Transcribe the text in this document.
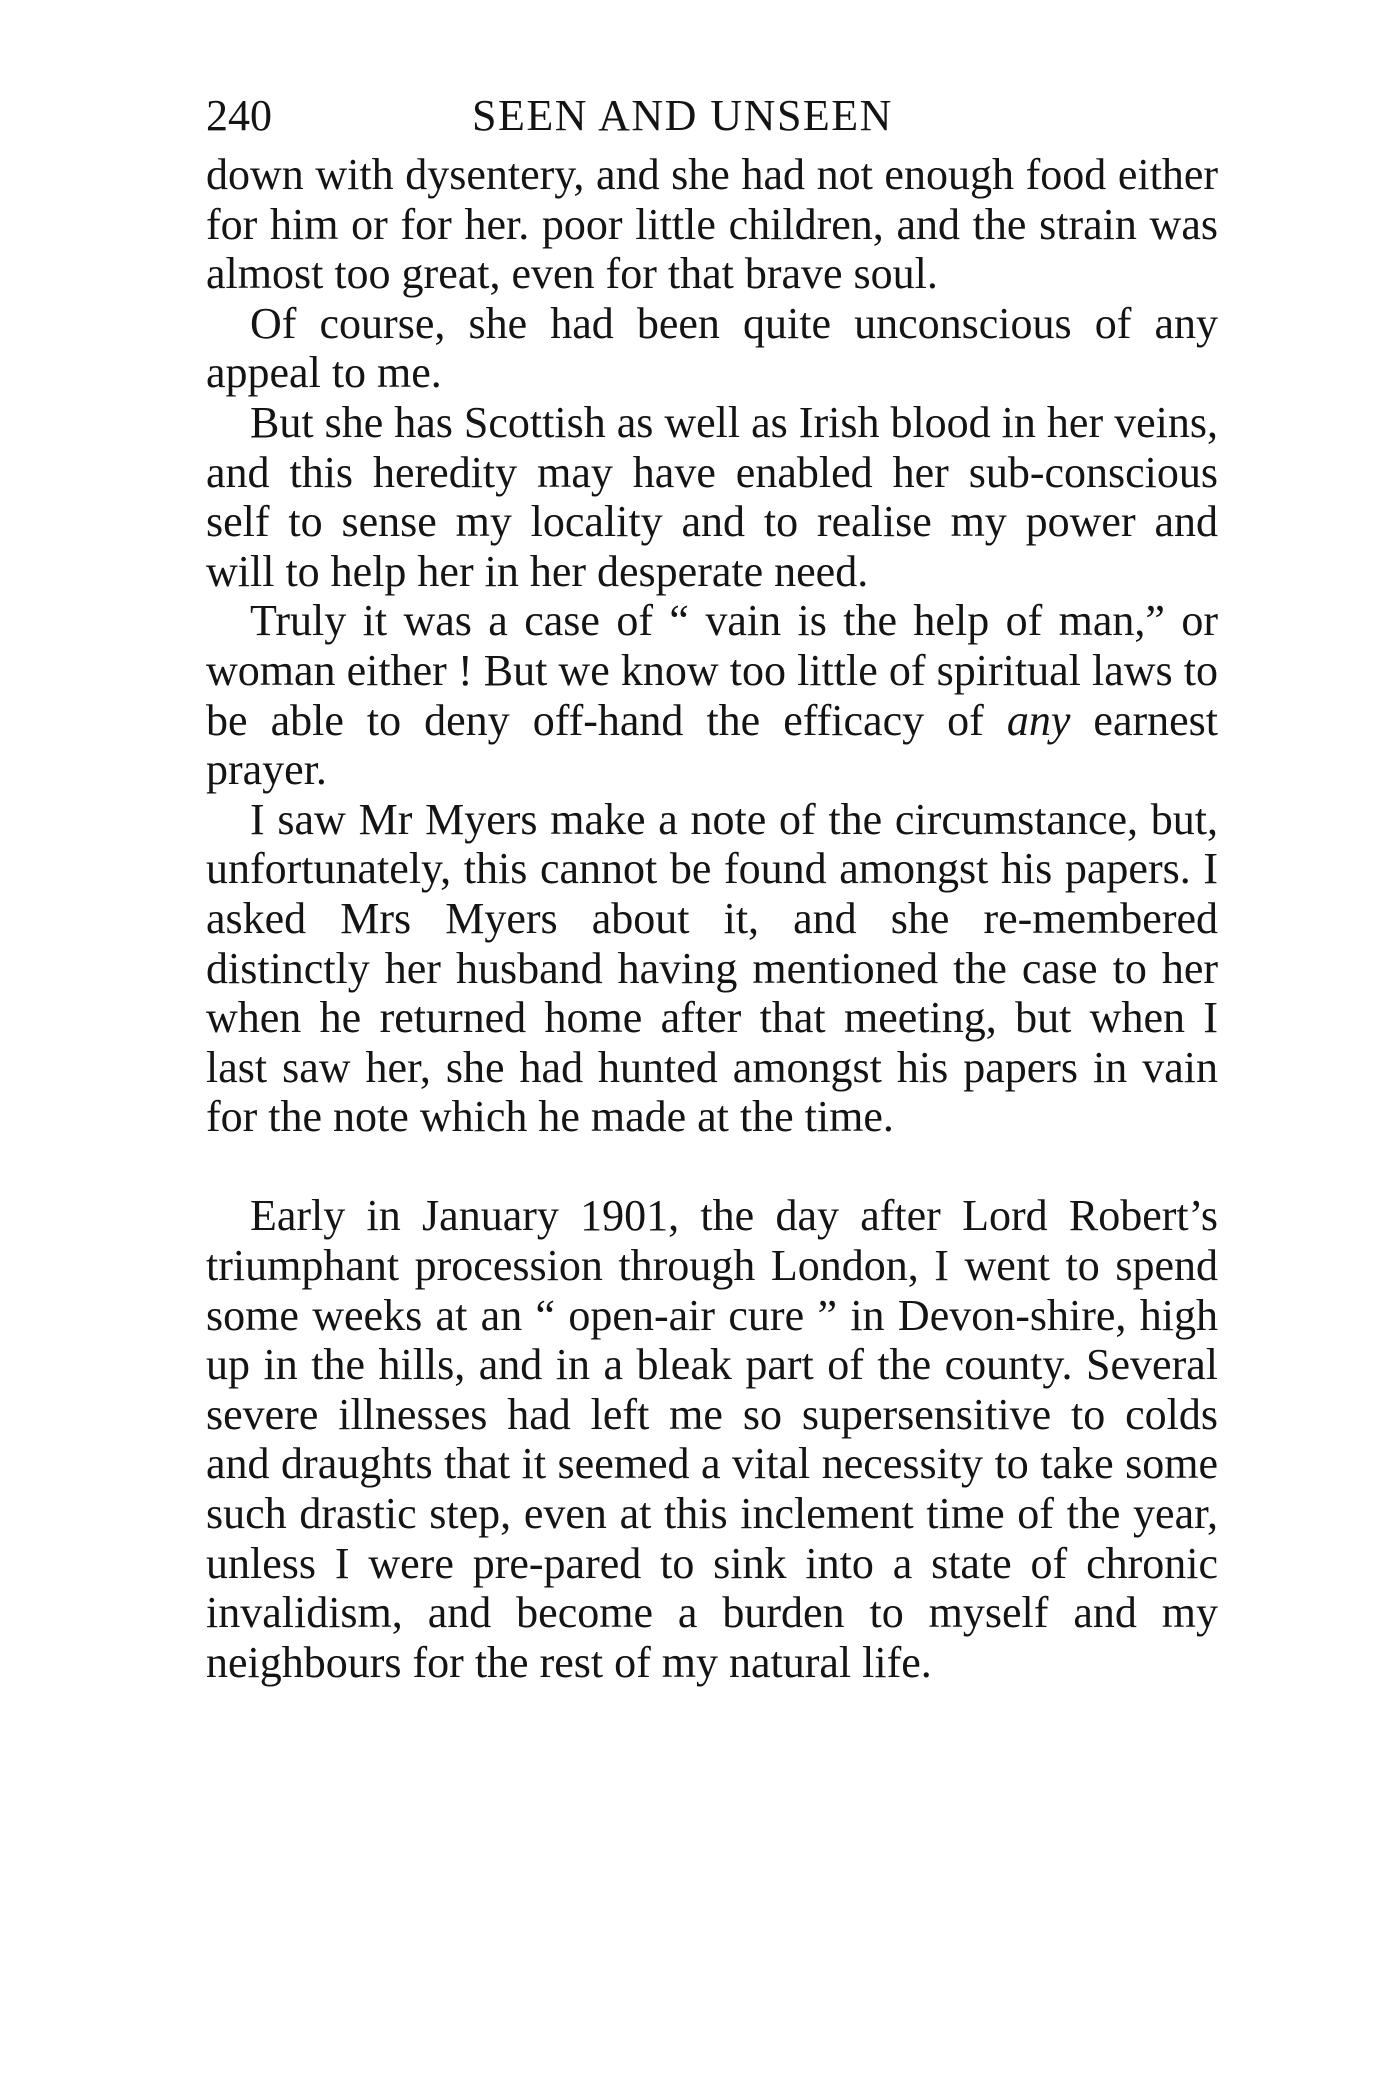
240	SEEN AND UNSEEN

down with dysentery, and she had not enough food either for him or for her. poor little children, and the strain was almost too great, even for that brave soul.

Of course, she had been quite unconscious of any appeal to me.

But she has Scottish as well as Irish blood in her veins, and this heredity may have enabled her sub-conscious self to sense my locality and to realise my power and will to help her in her desperate need.

Truly it was a case of “ vain is the help of man,” or woman either ! But we know too little of spiritual laws to be able to deny off-hand the efficacy of any earnest prayer.

I saw Mr Myers make a note of the circumstance, but, unfortunately, this cannot be found amongst his papers. I asked Mrs Myers about it, and she re-membered distinctly her husband having mentioned the case to her when he returned home after that meeting, but when I last saw her, she had hunted amongst his papers in vain for the note which he made at the time.

Early in January 1901, the day after Lord Robert’s triumphant procession through London, I went to spend some weeks at an “ open-air cure ” in Devon-shire, high up in the hills, and in a bleak part of the county. Several severe illnesses had left me so supersensitive to colds and draughts that it seemed a vital necessity to take some such drastic step, even at this inclement time of the year, unless I were pre-pared to sink into a state of chronic invalidism, and become a burden to myself and my neighbours for the rest of my natural life.
